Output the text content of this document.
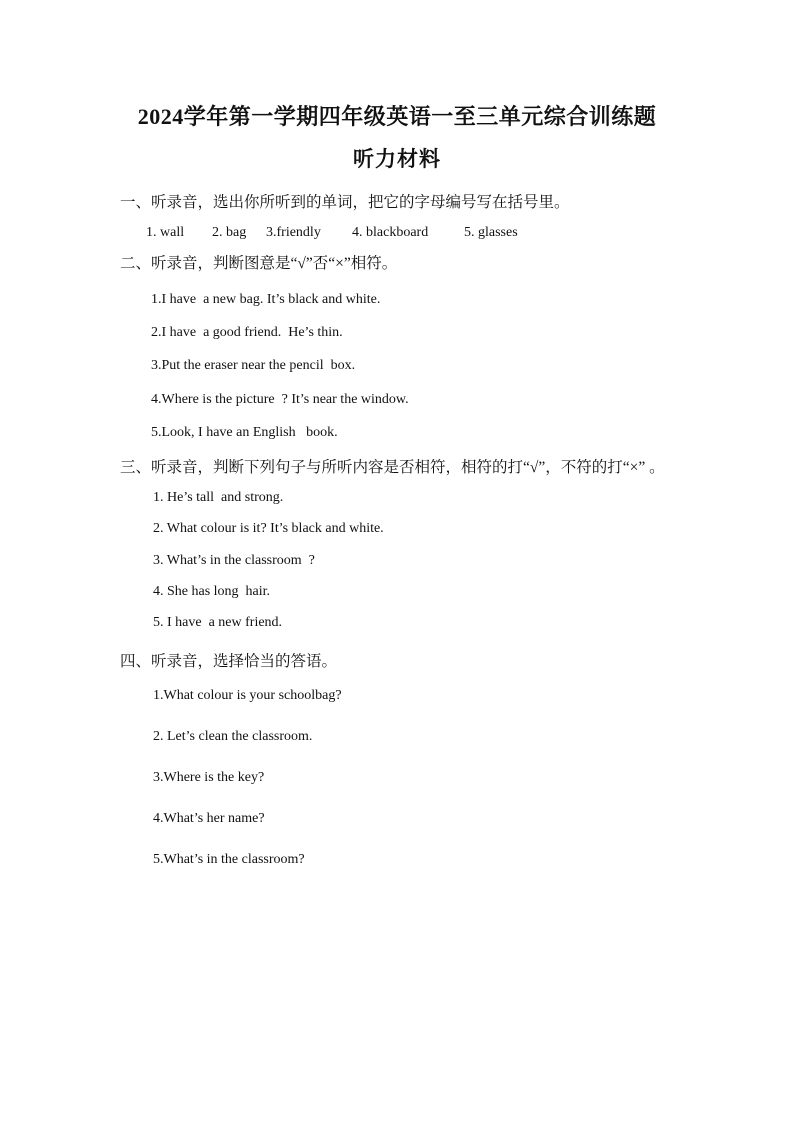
2024学年第一学期四年级英语一至三单元综合训练题
听力材料
一、听录音，选出你所听到的单词，把它的字母编号写在括号里。
1. wall 2. bag 3.friendly 4. blackboard	5. glasses
二、听录音，判断图意是“√”否“×”相符。
1.I have  a new bag. It’s black and white.
2.I have  a good friend.  He’s thin.
3.Put the eraser near the pencil  box.
4.Where is the picture  ? It’s near the window.
5.Look, I have an English   book.
三、听录音，判断下列句子与所听内容是否相符，相符的打“√”，不符的打“×” 。
1. He’s tall  and strong.
2. What colour is it? It’s black and white.
3. What’s in the classroom  ?
4. She has long  hair.
5. I have  a new friend.
四、听录音，选择恰当的答语。
1.What colour is your schoolbag?
2. Let’s clean the classroom.
3.Where is the key?
4.What’s her name?
5.What’s in the classroom?
